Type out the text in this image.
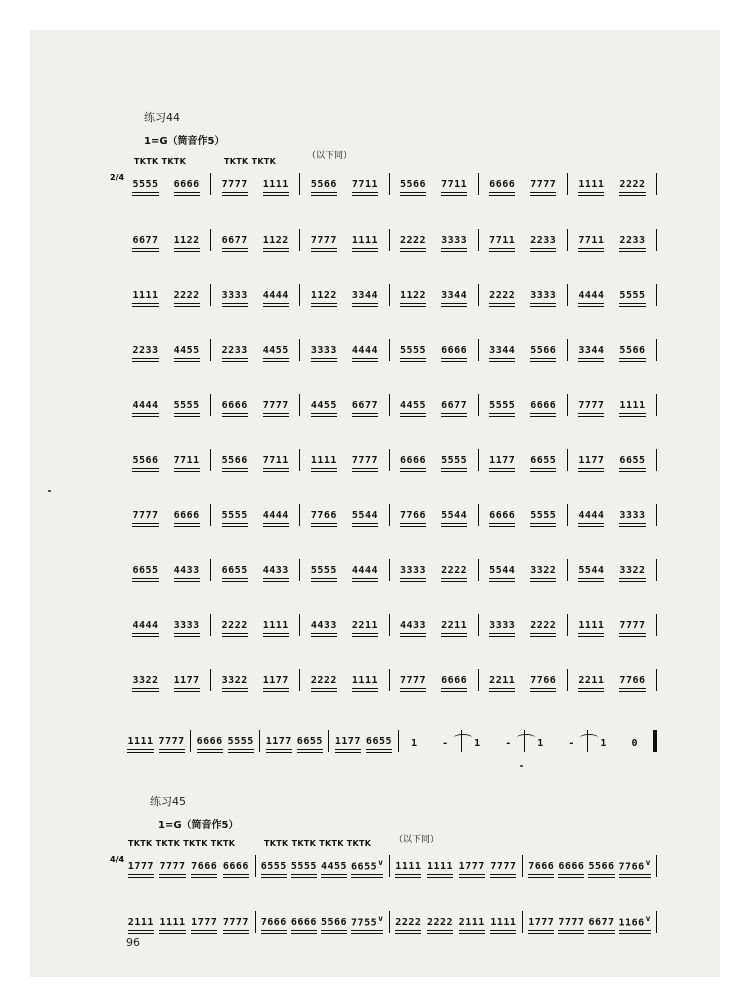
练习44
1=G（筒音作5）
5555 6666 7777 1111 5566 7711 5566 7711 6666 7777 1111 2222
2/4
TKTK TKTK	TKTK TKTK
（以下同）
6677 1122 6677 1122 7777 1111 2222 3333 7711 2233 7711 2233
1111 2222 3333 4444 1122 3344 1122 3344 2222 3333 4444 5555
2233 4455 2233 4455 3333 4444 5555 6666 3344 5566 3344 5566
4444 5555 6666 7777 4455 6677 4455 6677 5555 6666 7777 1111
5566 7711 5566 7711 1111 7777 6666 5555 1177 6655 1177 6655
7777 6666 5555 4444 7766 5544 7766 5544 6666 5555 4444 3333
6655 4433 6655 4433 5555 4444 3333 2222 5544 3322 5544 3322
4444 3333 2222 1111 4433 2211 4433 2211 3333 2222 1111 7777
3322 1177 3322 1177 2222 1111 7777 6666 2211 7766 2211 7766
1111 7777 6666 5555 1177 6655 1177 6655 1	-	1	-	1	-	1	0
练习45
1=G（筒音作5）
1777 7777 7666 6666 6555 5555 4455 6655$^v$ 1111 1111 1777 7777 7666 6666 5566 7766$^v$
4/4
TKTK TKTK TKTK TKTK	TKTK TKTK TKTK TKTK	（以下同）
2111 1111 1777 7777 7666 6666 5566 7755$^v$ 2222 2222 2111 1111 1777 7777 6677 1166$^v$
96
